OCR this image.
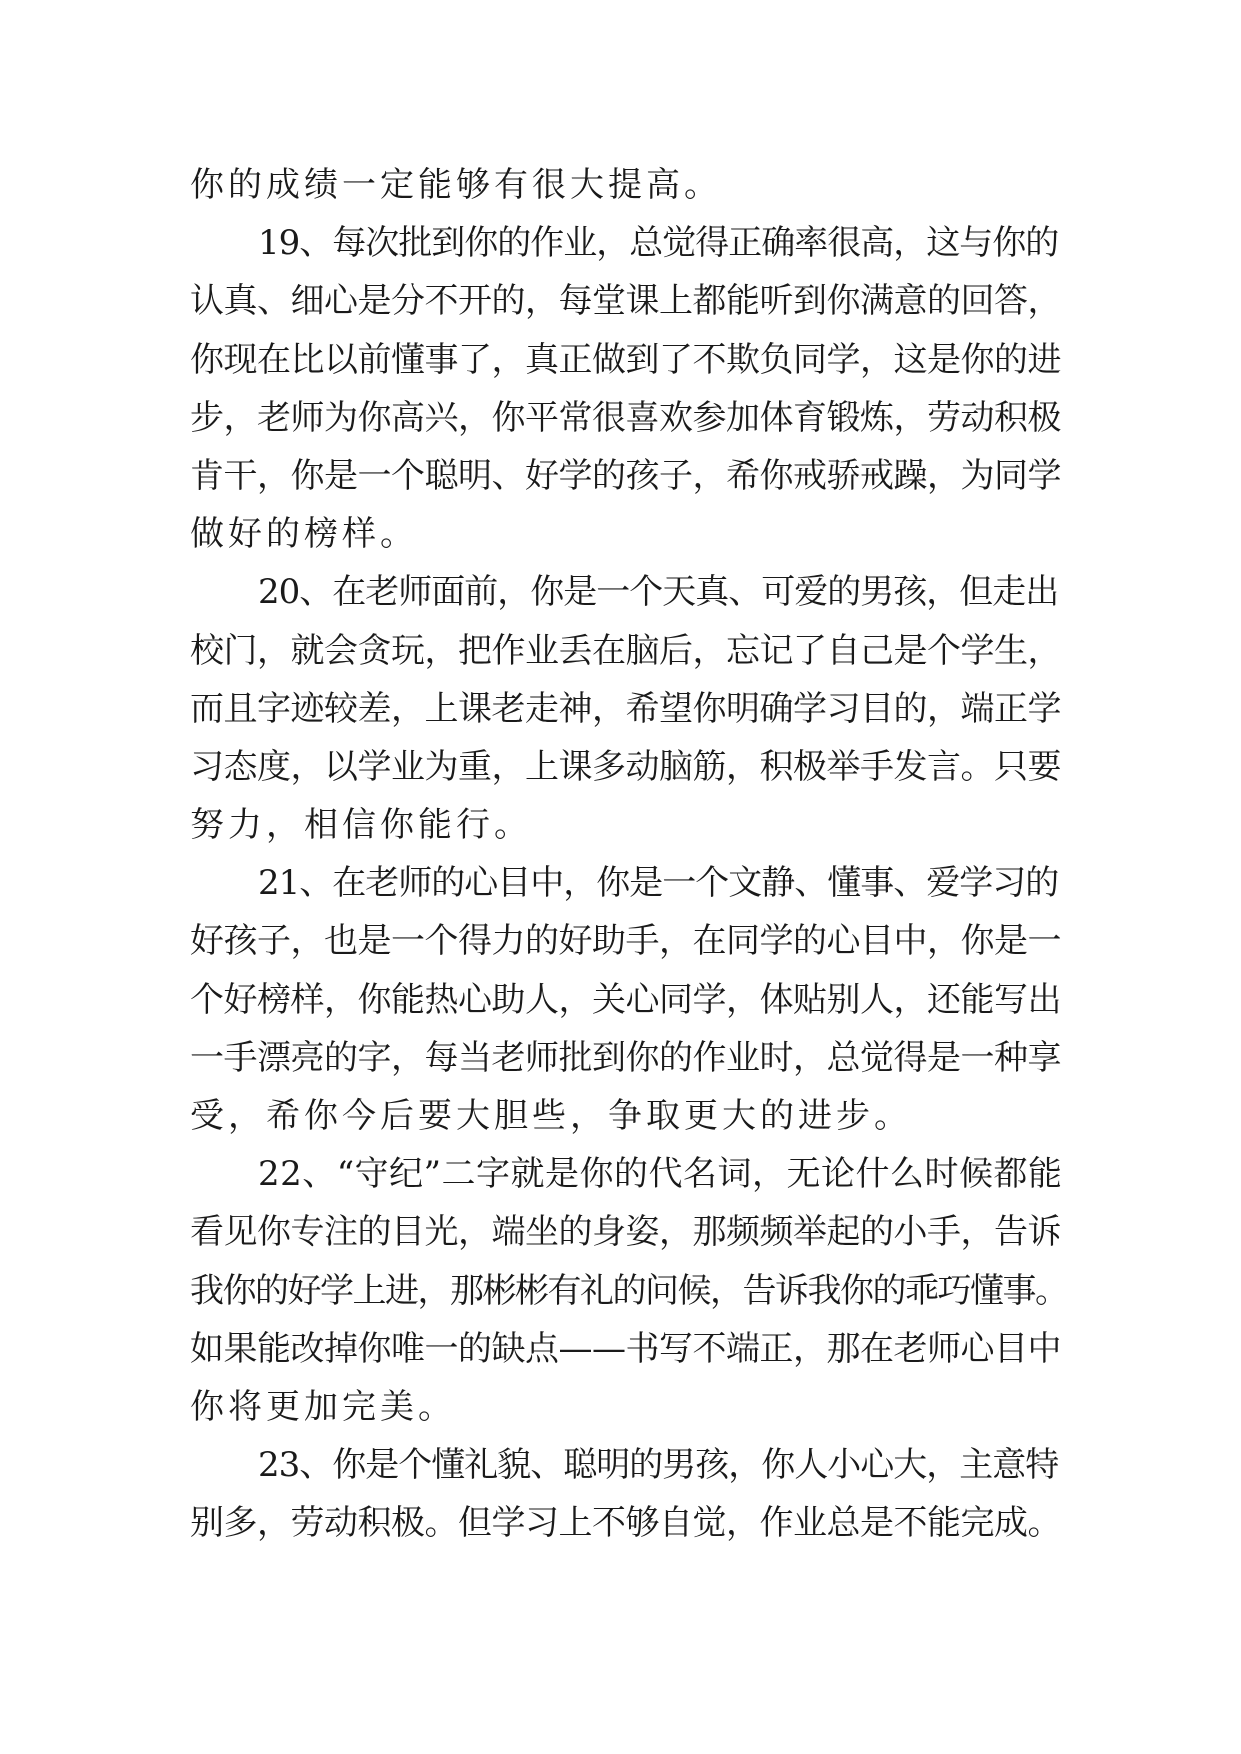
你的成绩一定能够有很大提高。
19、每次批到你的作业，总觉得正确率很高，这与你的
认真、细心是分不开的，每堂课上都能听到你满意的回答，
你现在比以前懂事了，真正做到了不欺负同学，这是你的进
步，老师为你高兴，你平常很喜欢参加体育锻炼，劳动积极
肯干，你是一个聪明、好学的孩子，希你戒骄戒躁，为同学
做好的榜样。
20、在老师面前，你是一个天真、可爱的男孩，但走出
校门，就会贪玩，把作业丢在脑后，忘记了自己是个学生，
而且字迹较差，上课老走神，希望你明确学习目的，端正学
习态度，以学业为重，上课多动脑筋，积极举手发言。只要
努力，相信你能行。
21、在老师的心目中，你是一个文静、懂事、爱学习的
好孩子，也是一个得力的好助手，在同学的心目中，你是一
个好榜样，你能热心助人，关心同学，体贴别人，还能写出
一手漂亮的字，每当老师批到你的作业时，总觉得是一种享
受，希你今后要大胆些，争取更大的进步。
22、“守纪”二字就是你的代名词，无论什么时候都能
看见你专注的目光，端坐的身姿，那频频举起的小手，告诉
我你的好学上进，那彬彬有礼的问候，告诉我你的乖巧懂事。
如果能改掉你唯一的缺点——书写不端正，那在老师心目中
你将更加完美。
23、你是个懂礼貌、聪明的男孩，你人小心大，主意特
别多，劳动积极。但学习上不够自觉，作业总是不能完成。
